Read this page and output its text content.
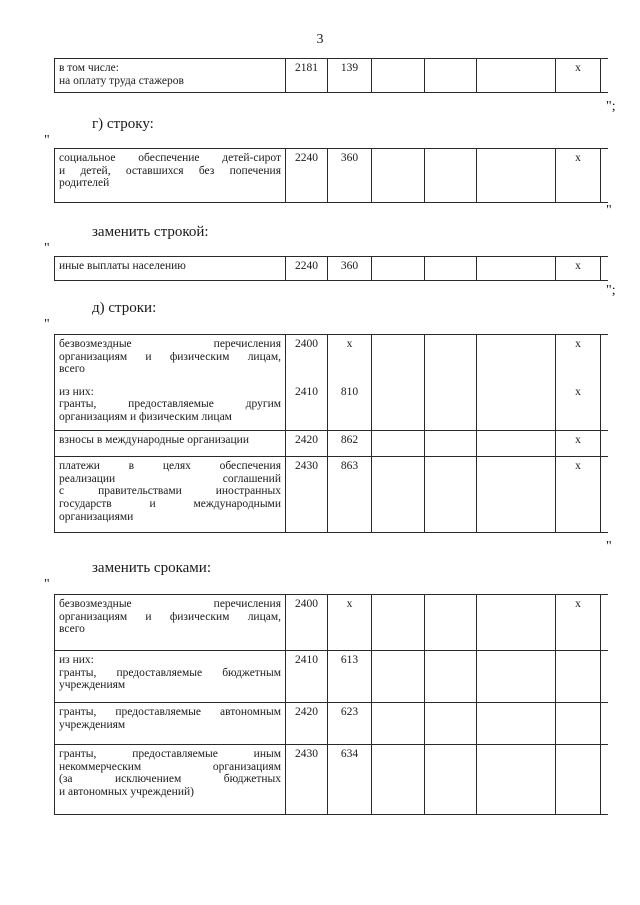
3
в том числе:
на оплату труда стажеров
	2181	139				x	
";
г) строку:
"
социальное обеспечение детей-сирот
и детей, оставшихся без попечения
родителей
	2240	360				x	
"
заменить строкой:
"
иные выплаты населению	2240	360				x	
";
д) строки:
"
безвозмездные перечисления
организациям и физическим лицам,
всего	2400	x				x	

из них:
гранты, предоставляемые другим
организациям и физическим лицам	2410	810				x	
взносы в международные организации	2420	862				x	

платежи в целях обеспечения
реализации соглашений
с правительствами иностранных
государств и международными
организациями	2430	863				x	
"
заменить сроками:
"
безвозмездные перечисления
организациям и физическим лицам,
всего	2400	x				x	

из них:
гранты, предоставляемые бюджетным
учреждениям	2410	613					

гранты, предоставляемые автономным
учреждениям	2420	623					

гранты, предоставляемые иным
некоммерческим организациям
(за исключением бюджетных
и автономных учреждений)	2430	634					
